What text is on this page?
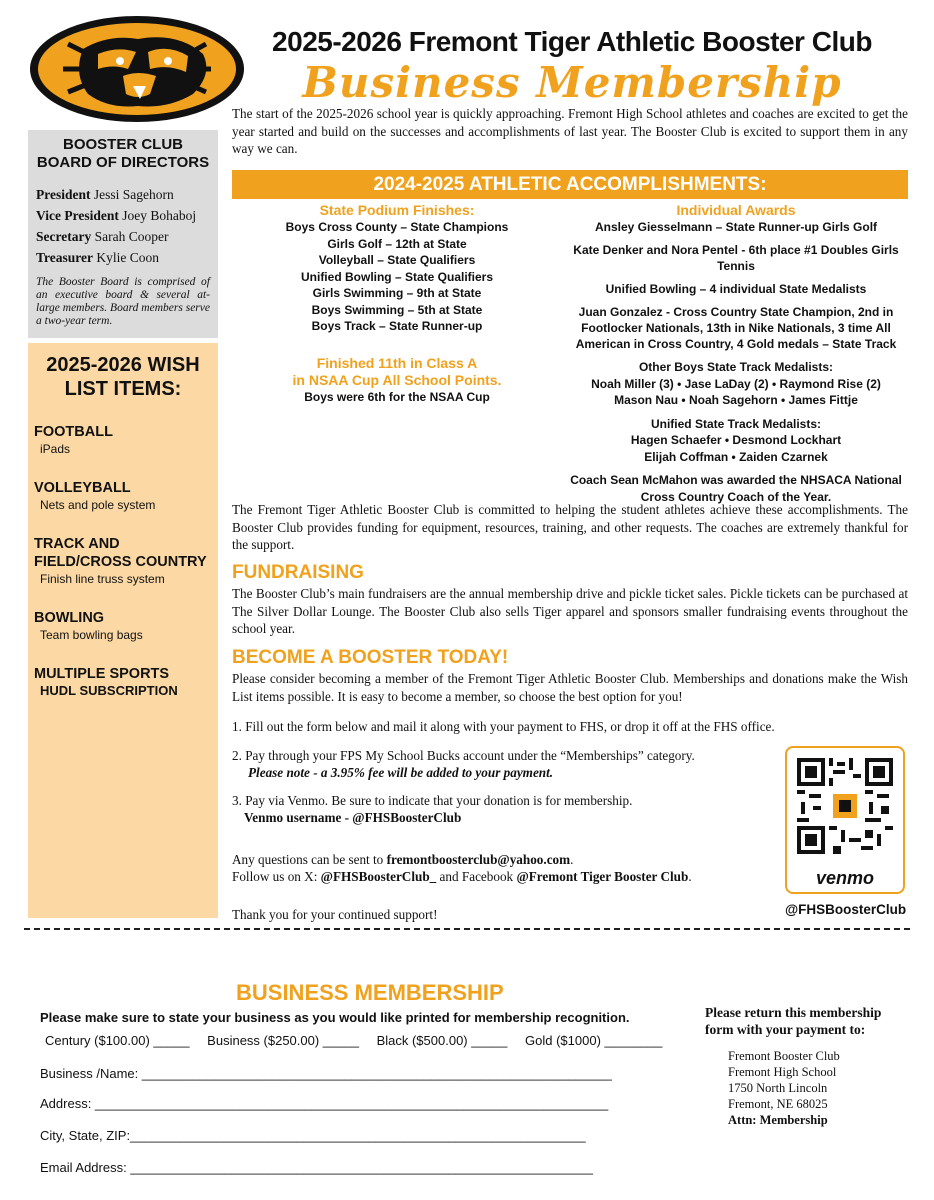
2025-2026 Fremont Tiger Athletic Booster Club
Business Membership
BOOSTER CLUB BOARD OF DIRECTORS
President Jessi Sagehorn
Vice President Joey Bohaboj
Secretary Sarah Cooper
Treasurer Kylie Coon
The Booster Board is comprised of an executive board & several at-large members. Board members serve a two-year term.
2025-2026 WISH LIST ITEMS:
FOOTBALL
iPads
VOLLEYBALL
Nets and pole system
TRACK AND FIELD/CROSS COUNTRY
Finish line truss system
BOWLING
Team bowling bags
MULTIPLE SPORTS
HUDL SUBSCRIPTION
The start of the 2025-2026 school year is quickly approaching. Fremont High School athletes and coaches are excited to get the year started and build on the successes and accomplishments of last year. The Booster Club is excited to support them in any way we can.
2024-2025 ATHLETIC ACCOMPLISHMENTS:
State Podium Finishes:
Boys Cross County – State Champions
Girls Golf – 12th at State
Volleyball – State Qualifiers
Unified Bowling – State Qualifiers
Girls Swimming – 9th at State
Boys Swimming – 5th at State
Boys Track – State Runner-up
Finished 11th in Class A
in NSAA Cup All School Points.
Boys were 6th for the NSAA Cup
Individual Awards
Ansley Giesselmann – State Runner-up Girls Golf
Kate Denker and Nora Pentel - 6th place #1 Doubles Girls Tennis
Unified Bowling – 4 individual State Medalists
Juan Gonzalez - Cross Country State Champion, 2nd in Footlocker Nationals, 13th in Nike Nationals, 3 time All American in Cross Country, 4 Gold medals – State Track
Other Boys State Track Medalists:
Noah Miller (3) • Jase LaDay (2) • Raymond Rise (2)
Mason Nau • Noah Sagehorn • James Fittje
Unified State Track Medalists:
Hagen Schaefer • Desmond Lockhart
Elijah Coffman • Zaiden Czarnek
Coach Sean McMahon was awarded the NHSACA National Cross Country Coach of the Year.
The Fremont Tiger Athletic Booster Club is committed to helping the student athletes achieve these accomplishments. The Booster Club provides funding for equipment, resources, training, and other requests. The coaches are extremely thankful for the support.
FUNDRAISING
The Booster Club’s main fundraisers are the annual membership drive and pickle ticket sales. Pickle tickets can be purchased at The Silver Dollar Lounge. The Booster Club also sells Tiger apparel and sponsors smaller fundraising events throughout the school year.
BECOME A BOOSTER TODAY!
Please consider becoming a member of the Fremont Tiger Athletic Booster Club. Memberships and donations make the Wish List items possible. It is easy to become a member, so choose the best option for you!
1. Fill out the form below and mail it along with your payment to FHS, or drop it off at the FHS office.
2. Pay through your FPS My School Bucks account under the “Memberships” category.
Please note - a 3.95% fee will be added to your payment.
3. Pay via Venmo. Be sure to indicate that your donation is for membership.
Venmo username - @FHSBoosterClub
Any questions can be sent to fremontboosterclub@yahoo.com.
Follow us on X: @FHSBoosterClub_ and Facebook @Fremont Tiger Booster Club.
Thank you for your continued support!
venmo
@FHSBoosterClub
BUSINESS MEMBERSHIP
Please make sure to state your business as you would like printed for membership recognition.
Century ($100.00) _____ Business ($250.00) _____ Black ($500.00) _____ Gold ($1000) ________
Business /Name: _________________________________________________________________
Address: _______________________________________________________________________
City, State, ZIP:_______________________________________________________________
Email Address: ________________________________________________________________
Please return this membership form with your payment to:
Fremont Booster Club
Fremont High School
1750 North Lincoln
Fremont, NE 68025
Attn: Membership
